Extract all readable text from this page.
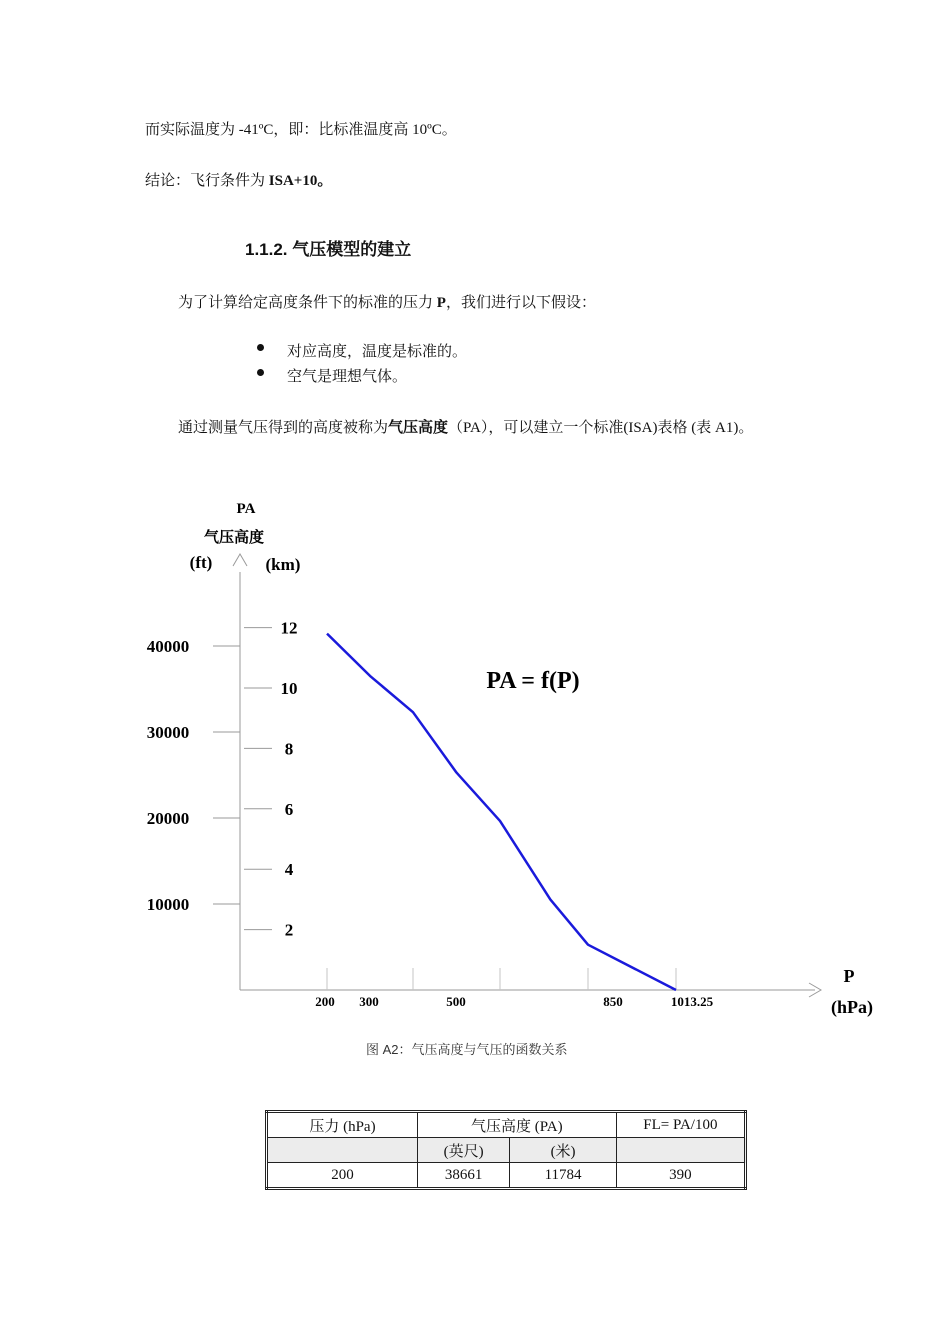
而实际温度为 -41ºC，即：比标准温度高 10ºC。
结论：飞行条件为 ISA+10。
1.1.2. 气压模型的建立
为了计算给定高度条件下的标准的压力 P，我们进行以下假设：
对应高度，温度是标准的。
空气是理想气体。
通过测量气压得到的高度被称为气压高度（PA），可以建立一个标准(ISA)表格 (表 A1)。
40000
30000
20000
10000
12
10
8
6
4
2
200 300	500	850	1013.25
PA
气压高度
(ft)	(km)
PA = f(P)
P
(hPa)
图 A2：气压高度与气压的函数关系
压力 (hPa)	气压高度 (PA)		FL= PA/100
	(英尺)	(米)	
200	38661	11784	390
